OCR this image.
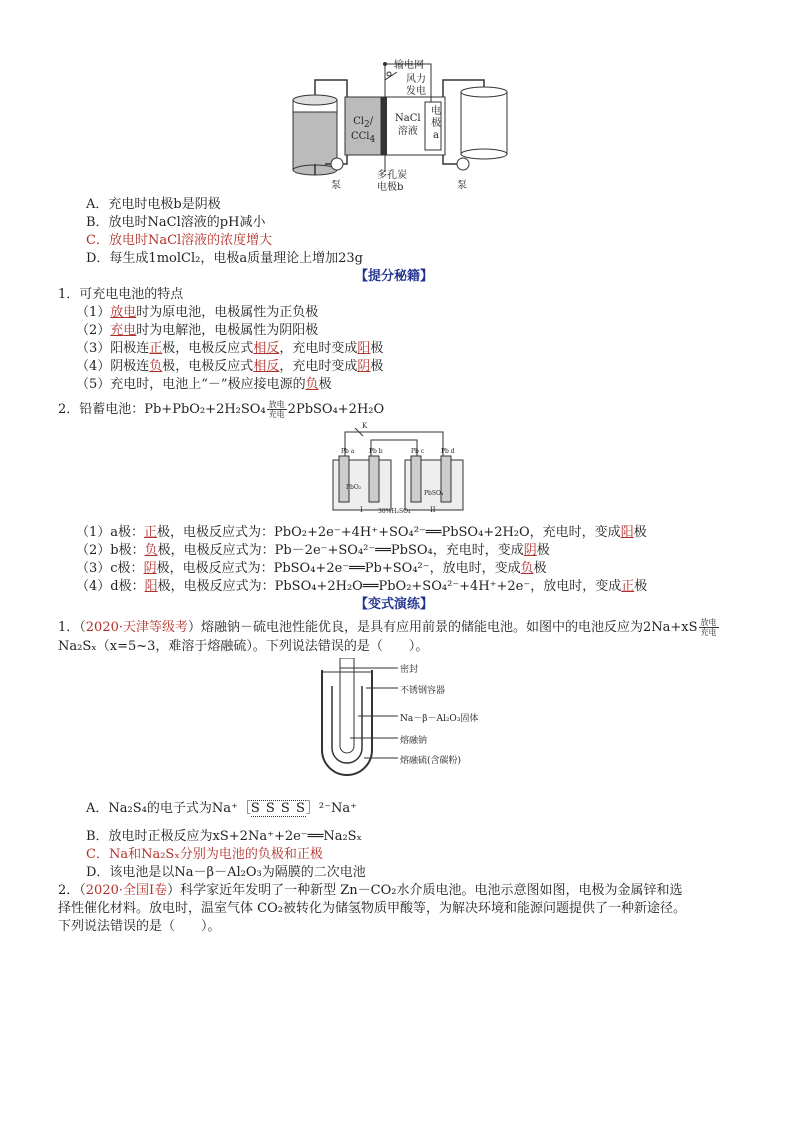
输电网
风力
发电
$Cl_2/$
CCl$_4$
NaCl
溶液
电
极
a
泵	泵
多孔炭
电极b
A．充电时电极b是阴极
B．放电时NaCl溶液的pH减小
C．放电时NaCl溶液的浓度增大
D．每生成1molCl₂，电极a质量理论上增加23g
【提分秘籍】
1．可充电电池的特点
（1）放电时为原电池，电极属性为正负极
（2）充电时为电解池，电极属性为阴阳极
（3）阳极连正极，电极反应式相反，充电时变成阳极
（4）阴极连负极，电极反应式相反，充电时变成阴极
（5）充电时，电池上“－”极应接电源的负极
2．铅蓄电池：$Pb+PbO_2+2H_2SO_4 \frac{\text{放电}}{\text{充电}}$ 2PbSO₄+2H₂O
K
Pb a Pb b	Pb c	Pb d
PbO₂
PbSO₄
30%H₂SO₄
I	II
（1）a极：正极，电极反应式为：PbO₂+2e⁻+4H⁺+SO₄²⁻══PbSO₄+2H₂O，充电时，变成阳极
（2）b极：负极，电极反应式为：Pb－2e⁻+SO₄²⁻══PbSO₄，充电时，变成阴极
（3）c极：阴极，电极反应式为：PbSO₄+2e⁻══Pb+SO₄²⁻，放电时，变成负极
（4）d极：阳极，电极反应式为：PbSO₄+2H₂O══PbO₂+SO₄²⁻+4H⁺+2e⁻，放电时，变成正极
【变式演练】
1．（2020·天津等级考）熔融钠－硫电池性能优良，是具有应用前景的储能电池。如图中的电池反应为$2Na+xS \frac{\text{放电}}{\text{充电}}$
Na₂Sₓ（x=5~3，难溶于熔融硫）。下列说法错误的是（　　）。
密封
不锈钢容器
Na－β－Al₂O₃固体
熔融钠
熔融硫(含碳粉)
A．Na₂S₄的电子式为Na⁺［S S S S］²⁻Na⁺
B．放电时正极反应为xS+2Na⁺+2e⁻══Na₂Sₓ
C．Na和Na₂Sₓ分别为电池的负极和正极
D．该电池是以Na－β－Al₂O₃为隔膜的二次电池
2．（2020·全国Ⅰ卷）科学家近年发明了一种新型 Zn－CO₂水介质电池。电池示意图如图，电极为金属锌和选
择性催化材料。放电时，温室气体 CO₂被转化为储氢物质甲酸等，为解决环境和能源问题提供了一种新途径。
下列说法错误的是（　　）。
